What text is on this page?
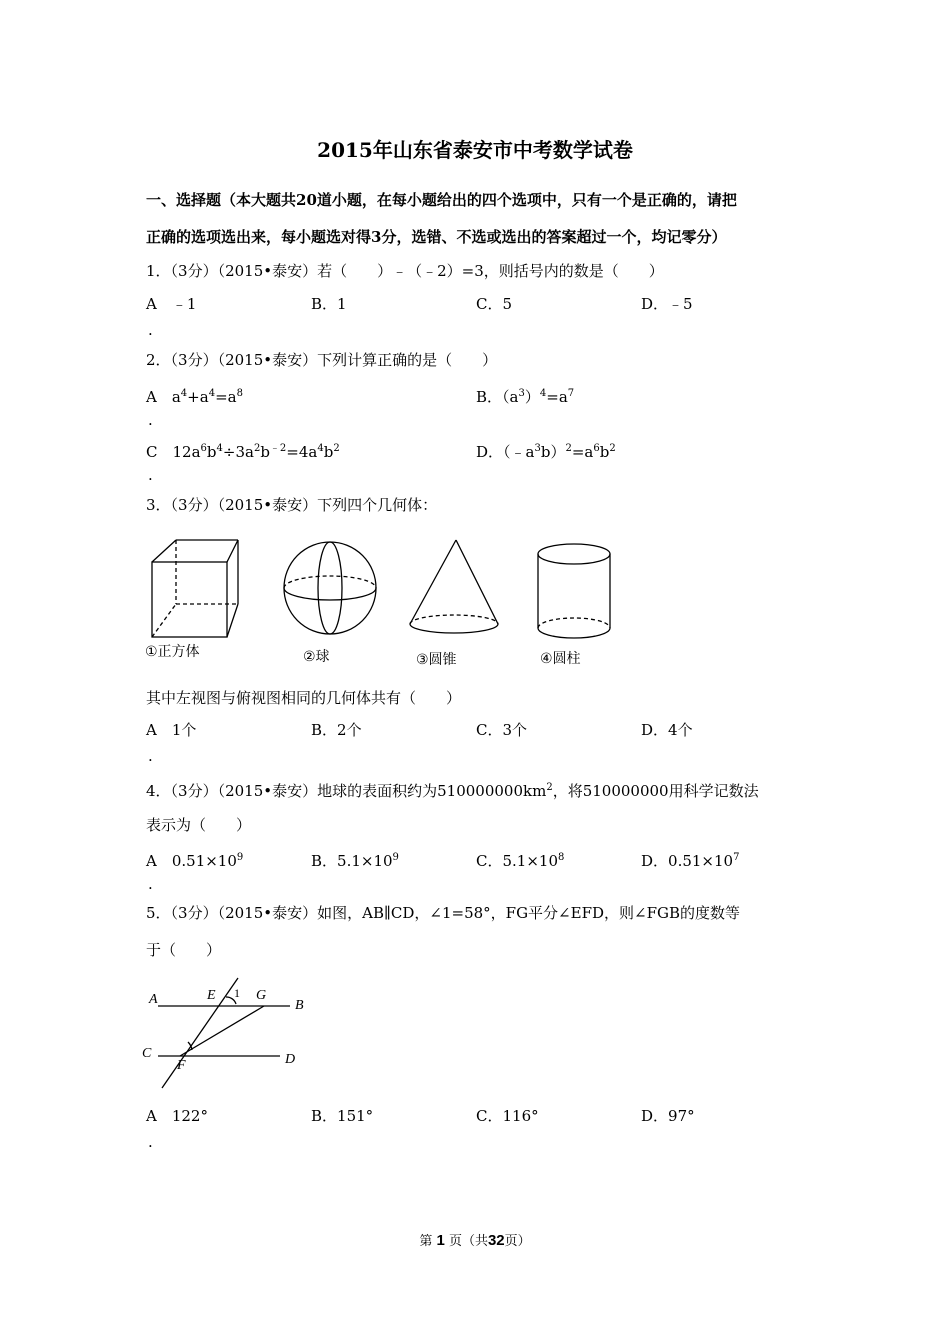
2015年山东省泰安市中考数学试卷
一、选择题（本大题共20道小题，在每小题给出的四个选项中，只有一个是正确的，请把
正确的选项选出来，每小题选对得3分，选错、不选或选出的答案超过一个，均记零分）
1．（3分）（2015•泰安）若（　　）﹣（﹣2）=3，则括号内的数是（　　）
A　﹣1	B．1	C．5	D．﹣5
.
2．（3分）（2015•泰安）下列计算正确的是（　　）
A　$a^4+a^4=a^8$	B．$(a^3)^4=a^7$
.
C　$12a^6b^4\div 3a^2b^{﹣2}=4a^4b^2$	D．$(﹣a^3b)^2=a^6b^2$
.
3．（3分）（2015•泰安）下列四个几何体：
①正方体	②球	③圆锥	④圆柱
其中左视图与俯视图相同的几何体共有（　　）
A　1个	B．2个	C．3个	D．4个
.
4．（3分）（2015•泰安）地球的表面积约为$510000000km^2$，将510000000用科学记数法
表示为（　　）
A　$0.51\times 10^9$	B．$5.1\times 10^9$	C．$5.1\times 10^8$	D．$0.51\times 10^7$
.
5．（3分）（2015•泰安）如图，AB∥CD，∠1=58°，FG平分∠EFD，则∠FGB的度数等
于（　　）
A	E 1 G
B
C
F	D
A　122°	B．151°	C．116°	D．97°
.
第 1 页（共32页）
